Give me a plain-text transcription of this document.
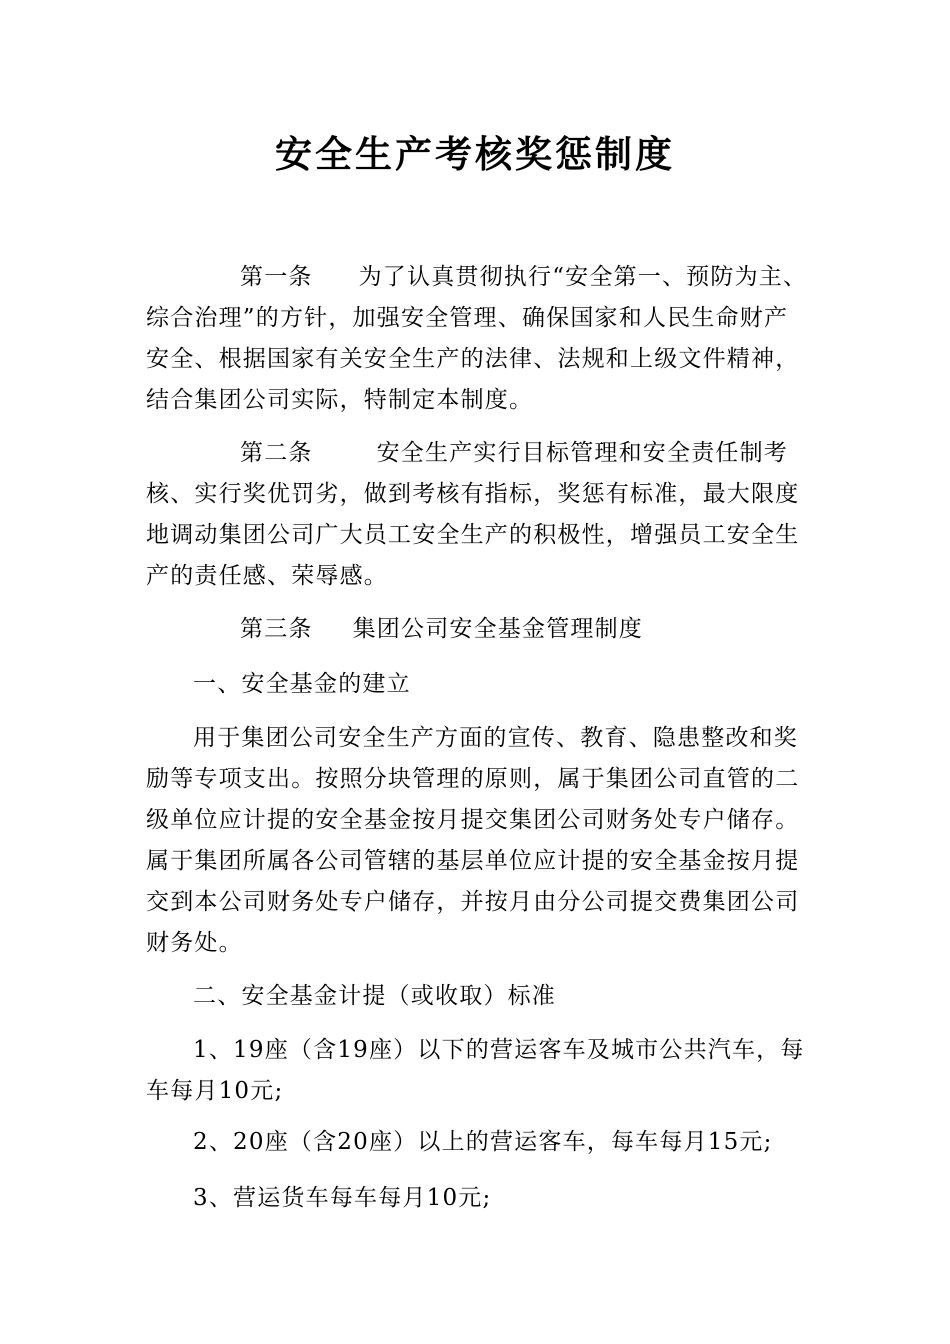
安全生产考核奖惩制度

第一条 为了认真贯彻执行“安全第一、预防为主、综合治理”的方针，加强安全管理、确保国家和人民生命财产安全、根据国家有关安全生产的法律、法规和上级文件精神，结合集团公司实际，特制定本制度。

第二条	安全生产实行目标管理和安全责任制考核、实行奖优罚劣，做到考核有指标，奖惩有标准，最大限度地调动集团公司广大员工安全生产的积极性，增强员工安全生产的责任感、荣辱感。

第三条 集团公司安全基金管理制度

一、安全基金的建立

用于集团公司安全生产方面的宣传、教育、隐患整改和奖励等专项支出。按照分块管理的原则，属于集团公司直管的二级单位应计提的安全基金按月提交集团公司财务处专户储存。属于集团所属各公司管辖的基层单位应计提的安全基金按月提交到本公司财务处专户储存，并按月由分公司提交费集团公司财务处。

二、安全基金计提（或收取）标准

1、19座（含19座）以下的营运客车及城市公共汽车，每车每月10元;

2、20座（含20座）以上的营运客车，每车每月15元;

3、营运货车每车每月10元;
